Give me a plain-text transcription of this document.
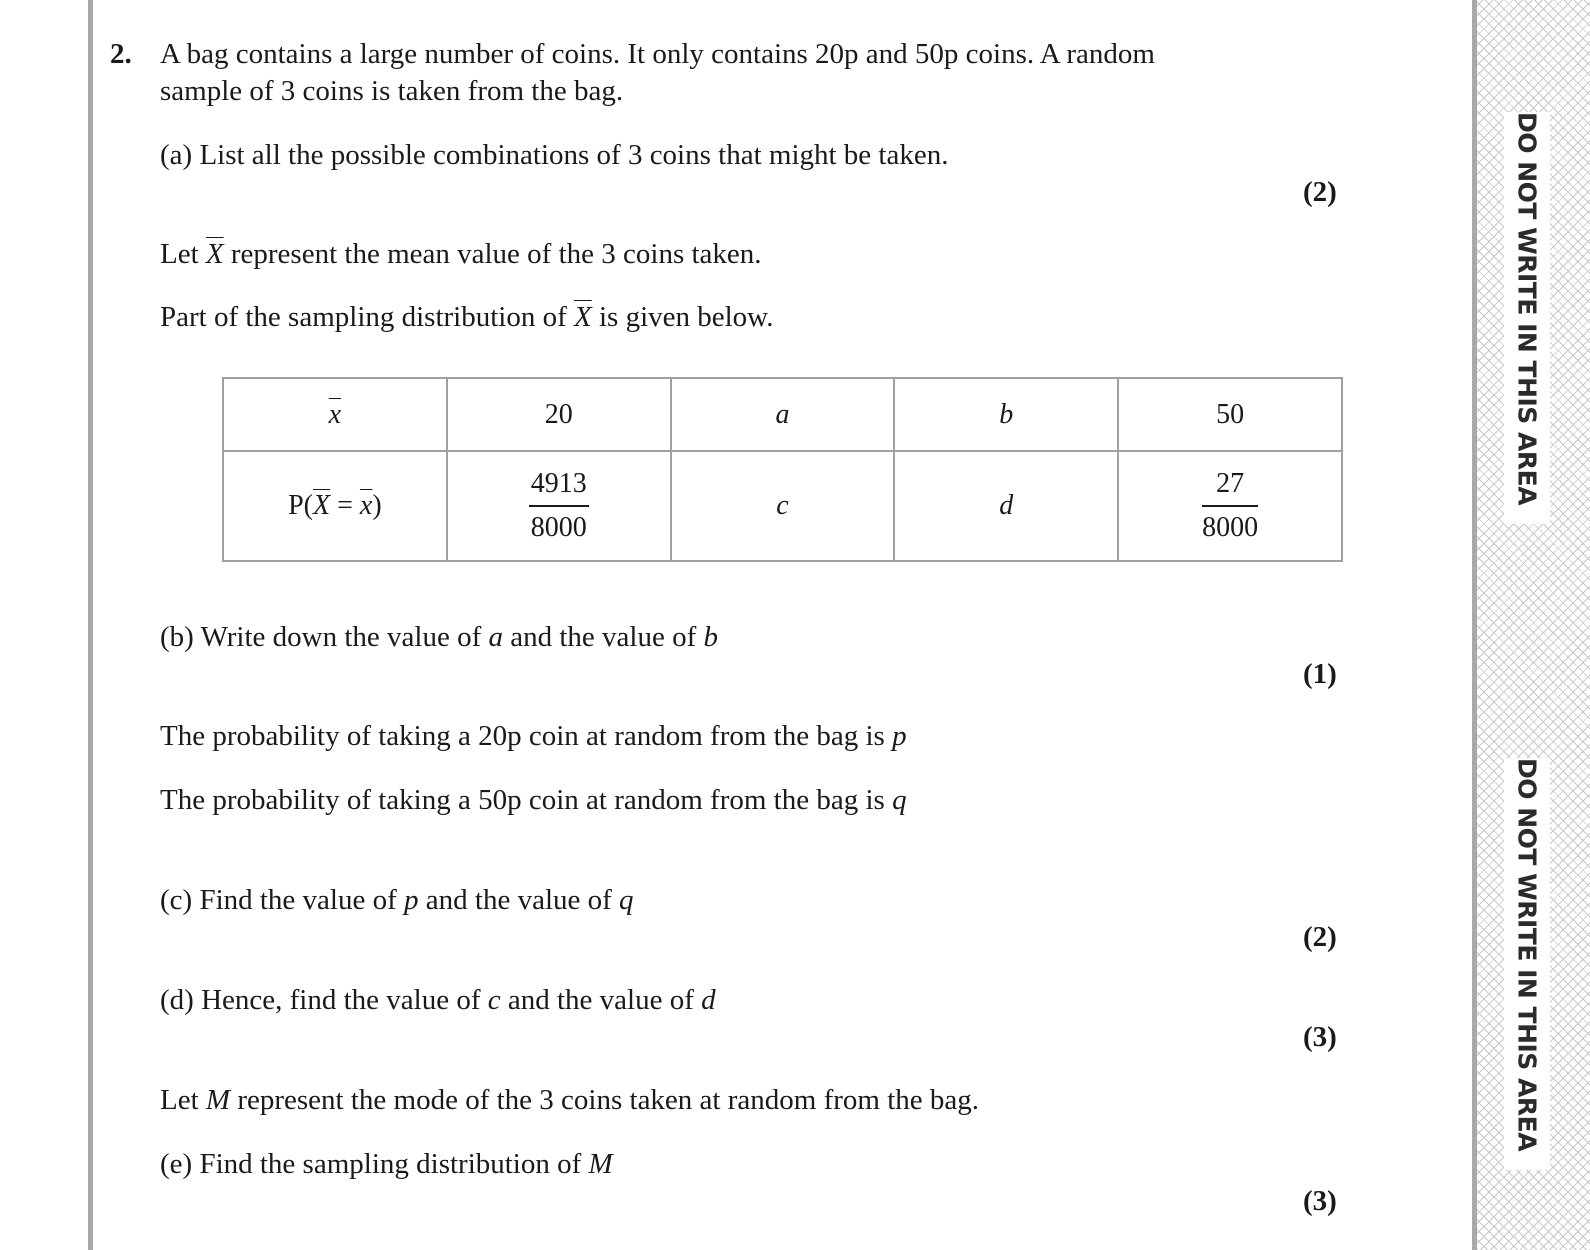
DO NOT WRITE IN THIS AREA
DO NOT WRITE IN THIS AREA
2. A bag contains a large number of coins. It only contains 20p and 50p coins. A random
sample of 3 coins is taken from the bag.
(a) List all the possible combinations of 3 coins that might be taken.
(2)
Let $\overline{X}$ represent the mean value of the 3 coins taken.
Part of the sampling distribution of $\overline{X}$ is given below.
$\overline{x}$	20	a	b	50
$P(\overline{X} = \overline{x})$	$\frac{4913}{8000}$	c	d	$\frac{27}{8000}$
(b) Write down the value of a and the value of b
(1)
The probability of taking a 20p coin at random from the bag is p
The probability of taking a 50p coin at random from the bag is q
(c) Find the value of p and the value of q
(2)
(d) Hence, find the value of c and the value of d
(3)
Let M represent the mode of the 3 coins taken at random from the bag.
(e) Find the sampling distribution of M
(3)
